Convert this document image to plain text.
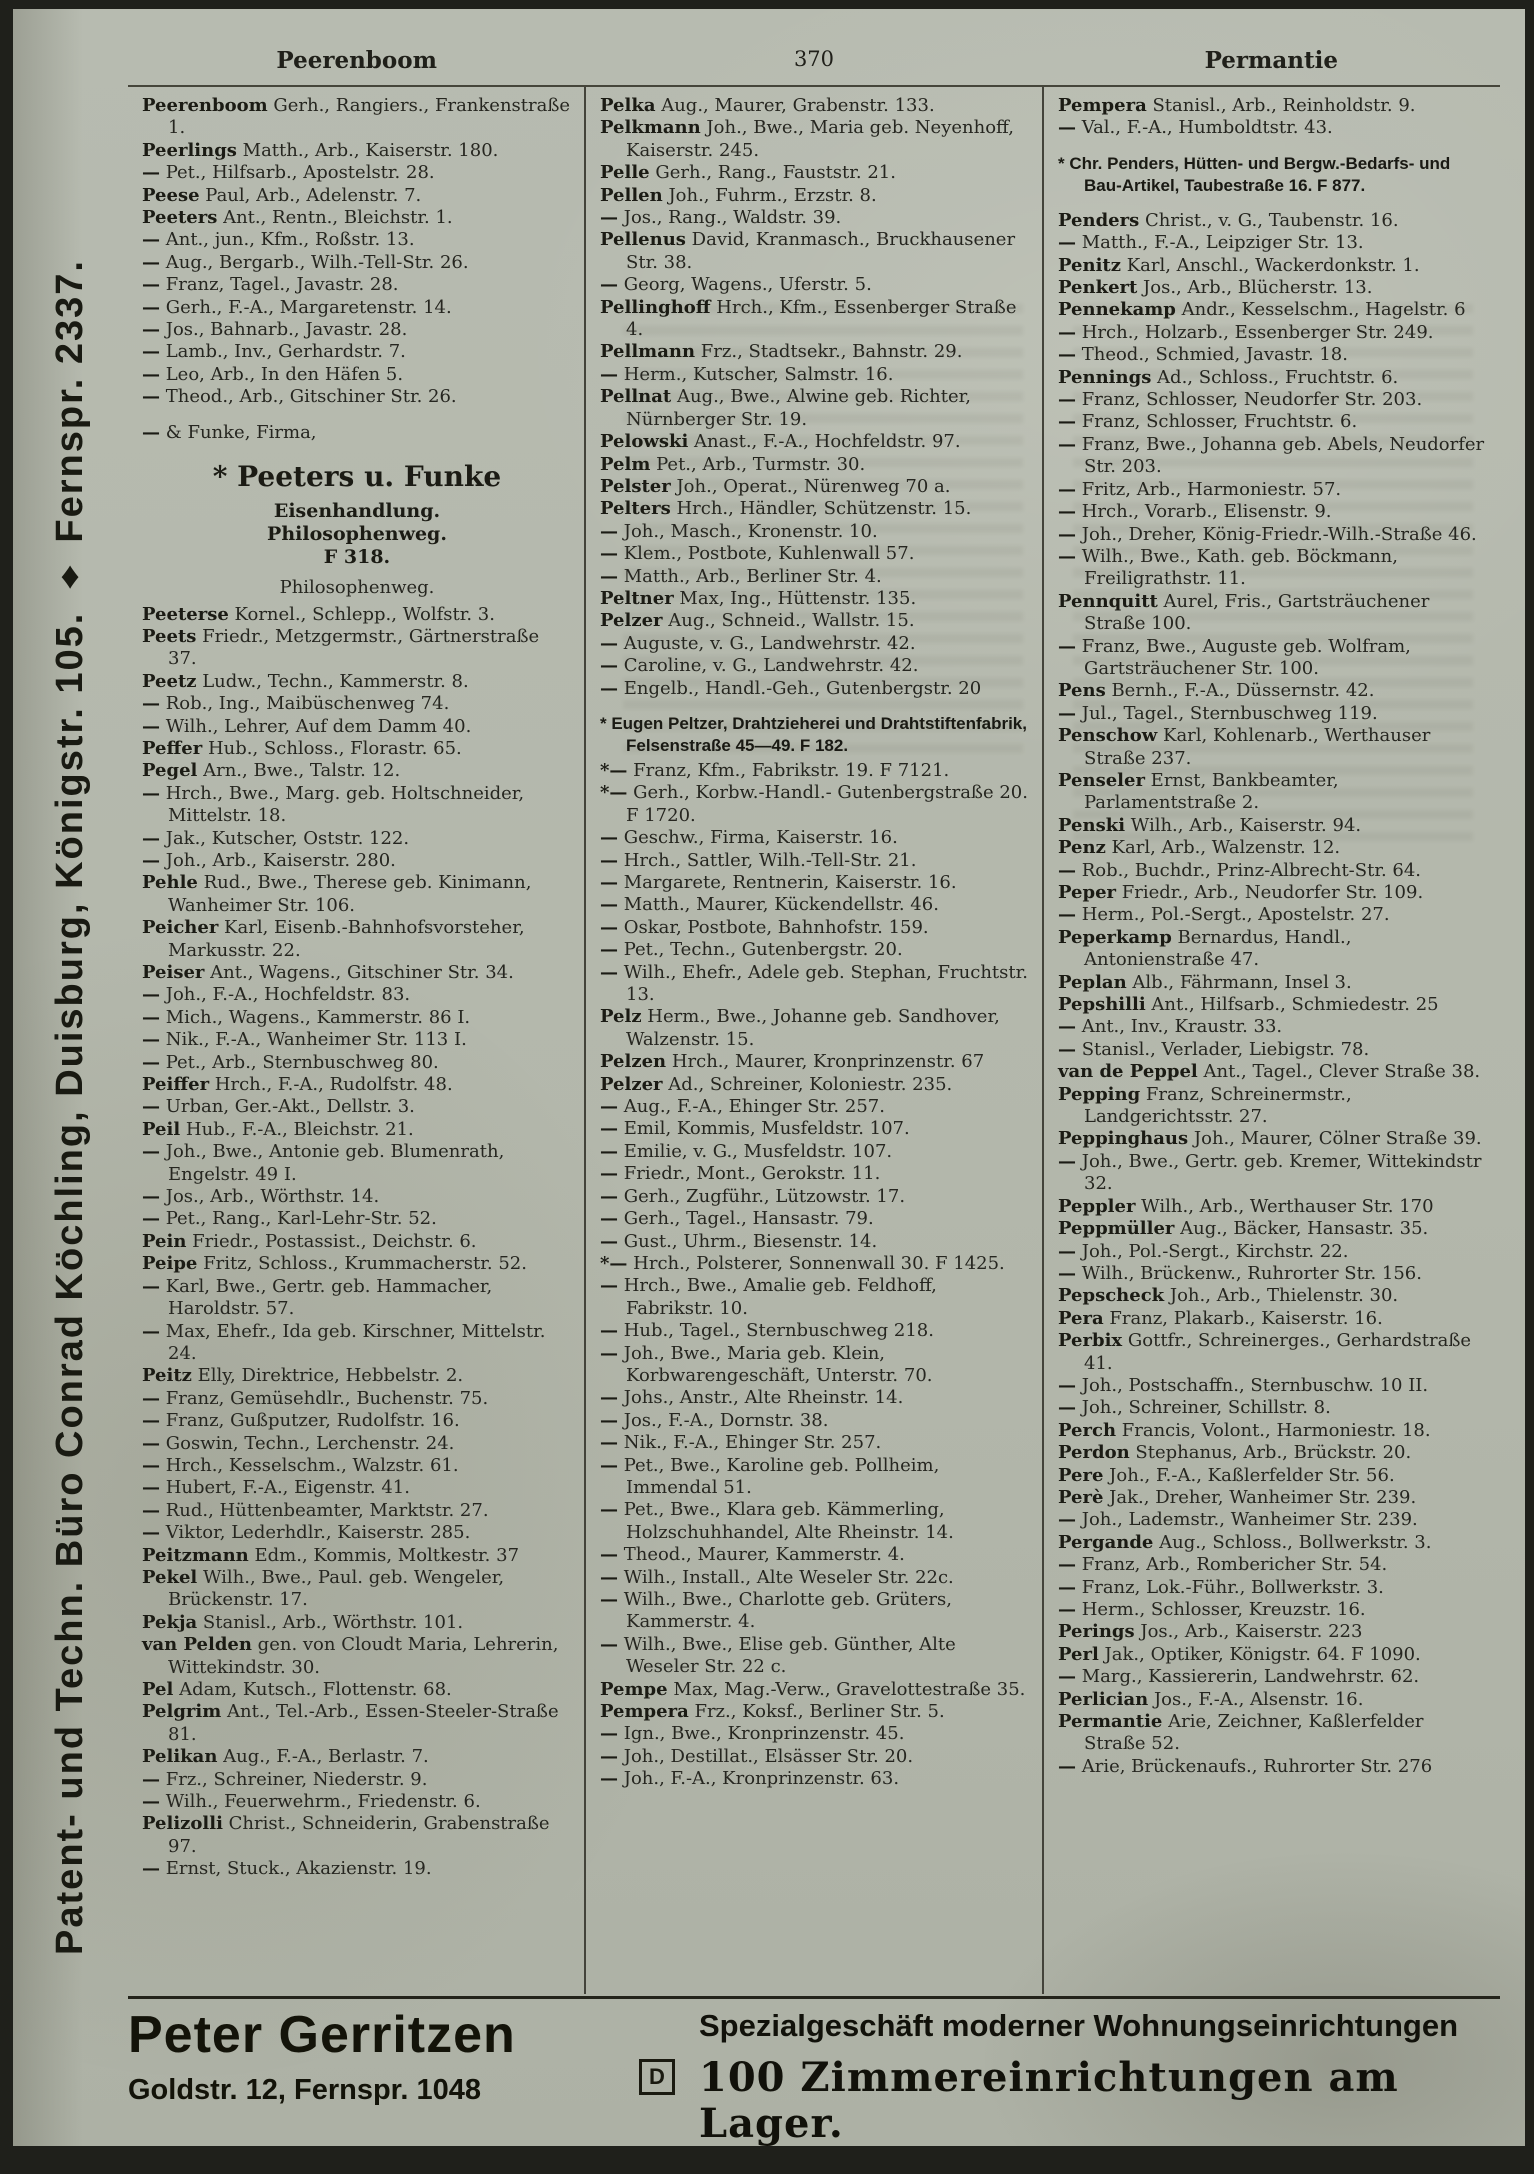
Patent- und Techn. Büro Conrad Köchling, Duisburg, Königstr. 105. ♦ Fernspr. 2337.
Peerenboom	370	Permantie

Peerenboom Gerh., Rangiers., Frankenstraße 1.

Peerlings Matth., Arb., Kaiserstr. 180.

— Pet., Hilfsarb., Apostelstr. 28.

Peese Paul, Arb., Adelenstr. 7.

Peeters Ant., Rentn., Bleichstr. 1.

— Ant., jun., Kfm., Roßstr. 13.

— Aug., Bergarb., Wilh.-Tell-Str. 26.

— Franz, Tagel., Javastr. 28.

— Gerh., F.-A., Margaretenstr. 14.

— Jos., Bahnarb., Javastr. 28.

— Lamb., Inv., Gerhardstr. 7.

— Leo, Arb., In den Häfen 5.

— Theod., Arb., Gitschiner Str. 26.

— & Funke, Firma,

* Peeters u. Funke
Eisenhandlung.
Philosophenweg.
F 318.

Philosophenweg.

Peeterse Kornel., Schlepp., Wolfstr. 3.

Peets Friedr., Metzgermstr., Gärtnerstraße 37.

Peetz Ludw., Techn., Kammerstr. 8.

— Rob., Ing., Maibüschenweg 74.

— Wilh., Lehrer, Auf dem Damm 40.

Peffer Hub., Schloss., Florastr. 65.

Pegel Arn., Bwe., Talstr. 12.

— Hrch., Bwe., Marg. geb. Holtschneider, Mittelstr. 18.

— Jak., Kutscher, Oststr. 122.

— Joh., Arb., Kaiserstr. 280.

Pehle Rud., Bwe., Therese geb. Kinimann, Wanheimer Str. 106.

Peicher Karl, Eisenb.-Bahnhofsvorsteher, Markusstr. 22.

Peiser Ant., Wagens., Gitschiner Str. 34.

— Joh., F.-A., Hochfeldstr. 83.

— Mich., Wagens., Kammerstr. 86 I.

— Nik., F.-A., Wanheimer Str. 113 I.

— Pet., Arb., Sternbuschweg 80.

Peiffer Hrch., F.-A., Rudolfstr. 48.

— Urban, Ger.-Akt., Dellstr. 3.

Peil Hub., F.-A., Bleichstr. 21.

— Joh., Bwe., Antonie geb. Blumenrath, Engelstr. 49 I.

— Jos., Arb., Wörthstr. 14.

— Pet., Rang., Karl-Lehr-Str. 52.

Pein Friedr., Postassist., Deichstr. 6.

Peipe Fritz, Schloss., Krummacherstr. 52.

— Karl, Bwe., Gertr. geb. Hammacher, Haroldstr. 57.

— Max, Ehefr., Ida geb. Kirschner, Mittelstr. 24.

Peitz Elly, Direktrice, Hebbelstr. 2.

— Franz, Gemüsehdlr., Buchenstr. 75.

— Franz, Gußputzer, Rudolfstr. 16.

— Goswin, Techn., Lerchenstr. 24.

— Hrch., Kesselschm., Walzstr. 61.

— Hubert, F.-A., Eigenstr. 41.

— Rud., Hüttenbeamter, Marktstr. 27.

— Viktor, Lederhdlr., Kaiserstr. 285.

Peitzmann Edm., Kommis, Moltkestr. 37

Pekel Wilh., Bwe., Paul. geb. Wengeler, Brückenstr. 17.

Pekja Stanisl., Arb., Wörthstr. 101.

van Pelden gen. von Cloudt Maria, Lehrerin, Wittekindstr. 30.

Pel Adam, Kutsch., Flottenstr. 68.

Pelgrim Ant., Tel.-Arb., Essen-Steeler-Straße 81.

Pelikan Aug., F.-A., Berlastr. 7.

— Frz., Schreiner, Niederstr. 9.

— Wilh., Feuerwehrm., Friedenstr. 6.

Pelizolli Christ., Schneiderin, Grabenstraße 97.

— Ernst, Stuck., Akazienstr. 19.

Pelka Aug., Maurer, Grabenstr. 133.

Pelkmann Joh., Bwe., Maria geb. Neyenhoff, Kaiserstr. 245.

Pelle Gerh., Rang., Fauststr. 21.

Pellen Joh., Fuhrm., Erzstr. 8.

— Jos., Rang., Waldstr. 39.

Pellenus David, Kranmasch., Bruckhausener Str. 38.

— Georg, Wagens., Uferstr. 5.

Pellinghoff Hrch., Kfm., Essenberger Straße 4.

Pellmann Frz., Stadtsekr., Bahnstr. 29.

— Herm., Kutscher, Salmstr. 16.

Pellnat Aug., Bwe., Alwine geb. Richter, Nürnberger Str. 19.

Pelowski Anast., F.-A., Hochfeldstr. 97.

Pelm Pet., Arb., Turmstr. 30.

Pelster Joh., Operat., Nürenweg 70 a.

Pelters Hrch., Händler, Schützenstr. 15.

— Joh., Masch., Kronenstr. 10.

— Klem., Postbote, Kuhlenwall 57.

— Matth., Arb., Berliner Str. 4.

Peltner Max, Ing., Hüttenstr. 135.

Pelzer Aug., Schneid., Wallstr. 15.

— Auguste, v. G., Landwehrstr. 42.

— Caroline, v. G., Landwehrstr. 42.

— Engelb., Handl.-Geh., Gutenbergstr. 20

* Eugen Peltzer, Drahtzieherei und Drahtstiftenfabrik, Felsenstraße 45—49. F 182.

*— Franz, Kfm., Fabrikstr. 19. F 7121.

*— Gerh., Korbw.-Handl.- Gutenbergstraße 20. F 1720.

— Geschw., Firma, Kaiserstr. 16.

— Hrch., Sattler, Wilh.-Tell-Str. 21.

— Margarete, Rentnerin, Kaiserstr. 16.

— Matth., Maurer, Kückendellstr. 46.

— Oskar, Postbote, Bahnhofstr. 159.

— Pet., Techn., Gutenbergstr. 20.

— Wilh., Ehefr., Adele geb. Stephan, Fruchtstr. 13.

Pelz Herm., Bwe., Johanne geb. Sandhover, Walzenstr. 15.

Pelzen Hrch., Maurer, Kronprinzenstr. 67

Pelzer Ad., Schreiner, Koloniestr. 235.

— Aug., F.-A., Ehinger Str. 257.

— Emil, Kommis, Musfeldstr. 107.

— Emilie, v. G., Musfeldstr. 107.

— Friedr., Mont., Gerokstr. 11.

— Gerh., Zugführ., Lützowstr. 17.

— Gerh., Tagel., Hansastr. 79.

— Gust., Uhrm., Biesenstr. 14.

*— Hrch., Polsterer, Sonnenwall 30. F 1425.

— Hrch., Bwe., Amalie geb. Feldhoff, Fabrikstr. 10.

— Hub., Tagel., Sternbuschweg 218.

— Joh., Bwe., Maria geb. Klein, Korbwarengeschäft, Unterstr. 70.

— Johs., Anstr., Alte Rheinstr. 14.

— Jos., F.-A., Dornstr. 38.

— Nik., F.-A., Ehinger Str. 257.

— Pet., Bwe., Karoline geb. Pollheim, Immendal 51.

— Pet., Bwe., Klara geb. Kämmerling, Holzschuhhandel, Alte Rheinstr. 14.

— Theod., Maurer, Kammerstr. 4.

— Wilh., Install., Alte Weseler Str. 22c.

— Wilh., Bwe., Charlotte geb. Grüters, Kammerstr. 4.

— Wilh., Bwe., Elise geb. Günther, Alte Weseler Str. 22 c.

Pempe Max, Mag.-Verw., Gravelottestraße 35.

Pempera Frz., Koksf., Berliner Str. 5.

— Ign., Bwe., Kronprinzenstr. 45.

— Joh., Destillat., Elsässer Str. 20.

— Joh., F.-A., Kronprinzenstr. 63.

Pempera Stanisl., Arb., Reinholdstr. 9.

— Val., F.-A., Humboldtstr. 43.

* Chr. Penders, Hütten- und Bergw.-Bedarfs- und Bau-Artikel, Taubestraße 16. F 877.

Penders Christ., v. G., Taubenstr. 16.

— Matth., F.-A., Leipziger Str. 13.

Penitz Karl, Anschl., Wackerdonkstr. 1.

Penkert Jos., Arb., Blücherstr. 13.

Pennekamp Andr., Kesselschm., Hagelstr. 6

— Hrch., Holzarb., Essenberger Str. 249.

— Theod., Schmied, Javastr. 18.

Pennings Ad., Schloss., Fruchtstr. 6.

— Franz, Schlosser, Neudorfer Str. 203.

— Franz, Schlosser, Fruchtstr. 6.

— Franz, Bwe., Johanna geb. Abels, Neudorfer Str. 203.

— Fritz, Arb., Harmoniestr. 57.

— Hrch., Vorarb., Elisenstr. 9.

— Joh., Dreher, König-Friedr.-Wilh.-Straße 46.

— Wilh., Bwe., Kath. geb. Böckmann, Freiligrathstr. 11.

Pennquitt Aurel, Fris., Gartsträuchener Straße 100.

— Franz, Bwe., Auguste geb. Wolfram, Gartsträuchener Str. 100.

Pens Bernh., F.-A., Düssernstr. 42.

— Jul., Tagel., Sternbuschweg 119.

Penschow Karl, Kohlenarb., Werthauser Straße 237.

Penseler Ernst, Bankbeamter, Parlamentstraße 2.

Penski Wilh., Arb., Kaiserstr. 94.

Penz Karl, Arb., Walzenstr. 12.

— Rob., Buchdr., Prinz-Albrecht-Str. 64.

Peper Friedr., Arb., Neudorfer Str. 109.

— Herm., Pol.-Sergt., Apostelstr. 27.

Peperkamp Bernardus, Handl., Antonienstraße 47.

Peplan Alb., Fährmann, Insel 3.

Pepshilli Ant., Hilfsarb., Schmiedestr. 25

— Ant., Inv., Kraustr. 33.

— Stanisl., Verlader, Liebigstr. 78.

van de Peppel Ant., Tagel., Clever Straße 38.

Pepping Franz, Schreinermstr., Landgerichtsstr. 27.

Peppinghaus Joh., Maurer, Cölner Straße 39.

— Joh., Bwe., Gertr. geb. Kremer, Wittekindstr 32.

Peppler Wilh., Arb., Werthauser Str. 170

Peppmüller Aug., Bäcker, Hansastr. 35.

— Joh., Pol.-Sergt., Kirchstr. 22.

— Wilh., Brückenw., Ruhrorter Str. 156.

Pepscheck Joh., Arb., Thielenstr. 30.

Pera Franz, Plakarb., Kaiserstr. 16.

Perbix Gottfr., Schreinerges., Gerhardstraße 41.

— Joh., Postschaffn., Sternbuschw. 10 II.

— Joh., Schreiner, Schillstr. 8.

Perch Francis, Volont., Harmoniestr. 18.

Perdon Stephanus, Arb., Brückstr. 20.

Pere Joh., F.-A., Kaßlerfelder Str. 56.

Perè Jak., Dreher, Wanheimer Str. 239.

— Joh., Lademstr., Wanheimer Str. 239.

Pergande Aug., Schloss., Bollwerkstr. 3.

— Franz, Arb., Rombericher Str. 54.

— Franz, Lok.-Führ., Bollwerkstr. 3.

— Herm., Schlosser, Kreuzstr. 16.

Perings Jos., Arb., Kaiserstr. 223

Perl Jak., Optiker, Königstr. 64. F 1090.

— Marg., Kassiererin, Landwehrstr. 62.

Perlician Jos., F.-A., Alsenstr. 16.

Permantie Arie, Zeichner, Kaßlerfelder Straße 52.

— Arie, Brückenaufs., Ruhrorter Str. 276

Peter Gerritzen
Goldstr. 12, Fernspr. 1048	D
Spezialgeschäft moderner Wohnungseinrichtungen
100 Zimmereinrichtungen am Lager.
